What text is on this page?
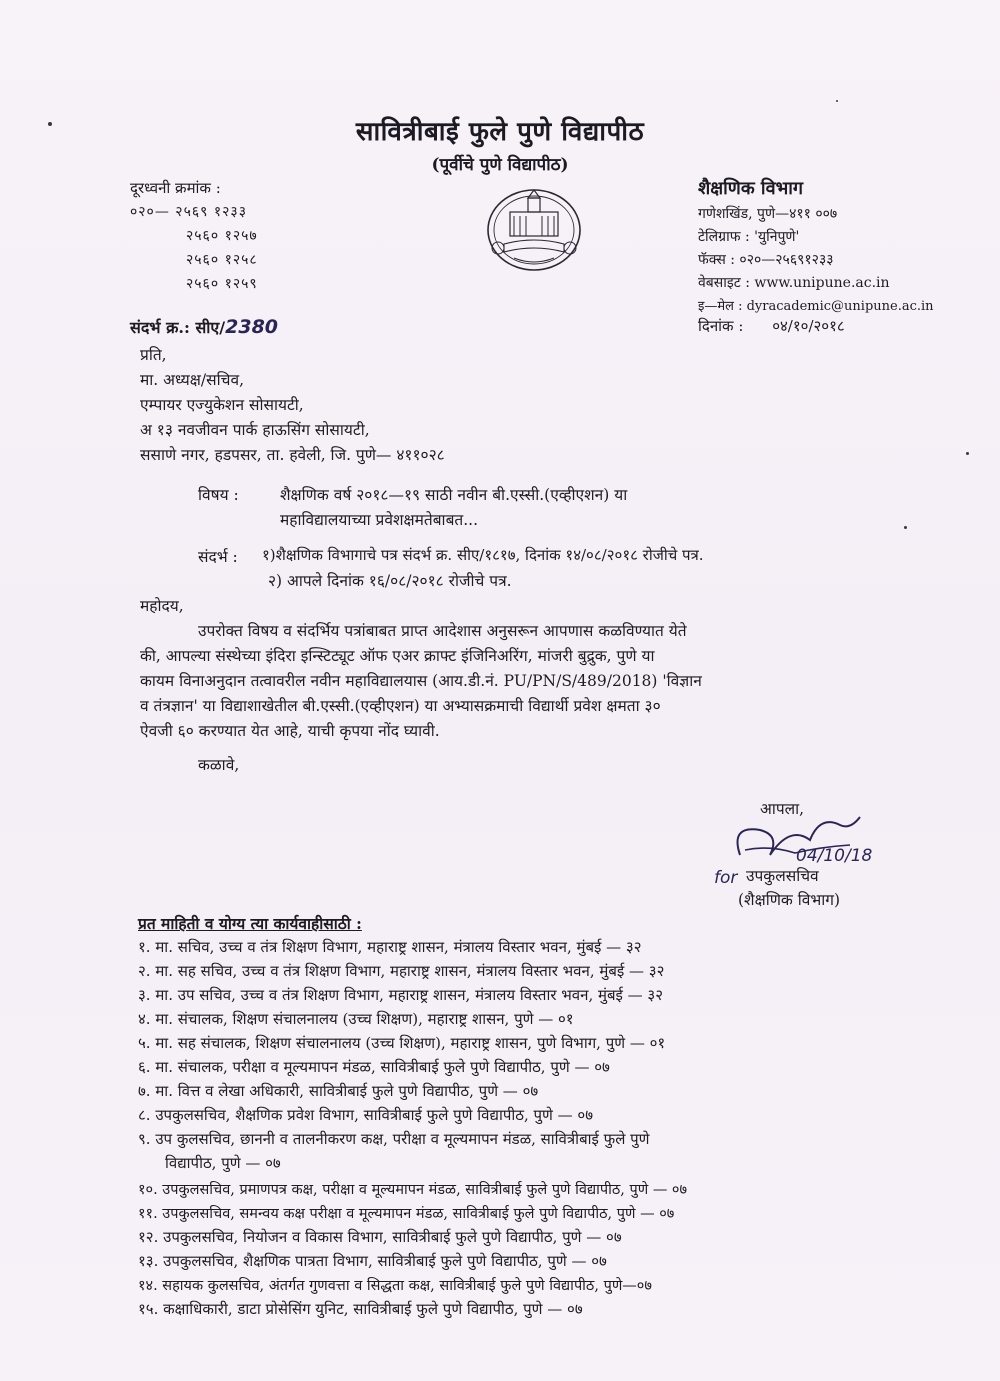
सावित्रीबाई फुले पुणे विद्यापीठ
(पूर्वीचे पुणे विद्यापीठ)
दूरध्वनी क्रमांक :
०२०— २५६९ १२३३
२५६० १२५७
२५६० १२५८
२५६० १२५९
शैक्षणिक विभाग
गणेशखिंड, पुणे—४११ ००७
टेलिग्राफ : 'युनिपुणे'
फॅक्स : ०२०—२५६९१२३३
वेबसाइट : www.unipune.ac.in
इ—मेल : dyracademic@unipune.ac.in
संदर्भ क्र.: सीए/2380	दिनांक : ०४/१०/२०१८
प्रति,
मा. अध्यक्ष/सचिव,
एम्पायर एज्युकेशन सोसायटी,
अ १३ नवजीवन पार्क हाऊसिंग सोसायटी,
ससाणे नगर, हडपसर, ता. हवेली, जि. पुणे— ४११०२८
विषय :	शैक्षणिक वर्ष २०१८—१९ साठी नवीन बी.एस्सी.(एव्हीएशन) या
महाविद्यालयाच्या प्रवेशक्षमतेबाबत...
संदर्भ : १)शैक्षणिक विभागाचे पत्र संदर्भ क्र. सीए/१८१७, दिनांक १४/०८/२०१८ रोजीचे पत्र.
२) आपले दिनांक १६/०८/२०१८ रोजीचे पत्र.
महोदय,
उपरोक्त विषय व संदर्भिय पत्रांबाबत प्राप्त आदेशास अनुसरून आपणास कळविण्यात येते
की, आपल्या संस्थेच्या इंदिरा इन्स्टिट्यूट ऑफ एअर क्राफ्ट इंजिनिअरिंग, मांजरी बुद्रुक, पुणे या
कायम विनाअनुदान तत्वावरील नवीन महाविद्यालयास (आय.डी.नं. PU/PN/S/489/2018) 'विज्ञान
व तंत्रज्ञान' या विद्याशाखेतील बी.एस्सी.(एव्हीएशन) या अभ्यासक्रमाची विद्यार्थी प्रवेश क्षमता ३०
ऐवजी ६० करण्यात येत आहे, याची कृपया नोंद घ्यावी.
कळावे,
आपला,
04/10/18
for उपकुलसचिव
(शैक्षणिक विभाग)
प्रत माहिती व योग्य त्या कार्यवाहीसाठी :
१. मा. सचिव, उच्च व तंत्र शिक्षण विभाग, महाराष्ट्र शासन, मंत्रालय विस्तार भवन, मुंबई — ३२
२. मा. सह सचिव, उच्च व तंत्र शिक्षण विभाग, महाराष्ट्र शासन, मंत्रालय विस्तार भवन, मुंबई — ३२
३. मा. उप सचिव, उच्च व तंत्र शिक्षण विभाग, महाराष्ट्र शासन, मंत्रालय विस्तार भवन, मुंबई — ३२
४. मा. संचालक, शिक्षण संचालनालय (उच्च शिक्षण), महाराष्ट्र शासन, पुणे — ०१
५. मा. सह संचालक, शिक्षण संचालनालय (उच्च शिक्षण), महाराष्ट्र शासन, पुणे विभाग, पुणे — ०१
६. मा. संचालक, परीक्षा व मूल्यमापन मंडळ, सावित्रीबाई फुले पुणे विद्यापीठ, पुणे — ०७
७. मा. वित्त व लेखा अधिकारी, सावित्रीबाई फुले पुणे विद्यापीठ, पुणे — ०७
८. उपकुलसचिव, शैक्षणिक प्रवेश विभाग, सावित्रीबाई फुले पुणे विद्यापीठ, पुणे — ०७
९. उप कुलसचिव, छाननी व तालनीकरण कक्ष, परीक्षा व मूल्यमापन मंडळ, सावित्रीबाई फुले पुणे
विद्यापीठ, पुणे — ०७
१०. उपकुलसचिव, प्रमाणपत्र कक्ष, परीक्षा व मूल्यमापन मंडळ, सावित्रीबाई फुले पुणे विद्यापीठ, पुणे — ०७
११. उपकुलसचिव, समन्वय कक्ष परीक्षा व मूल्यमापन मंडळ, सावित्रीबाई फुले पुणे विद्यापीठ, पुणे — ०७
१२. उपकुलसचिव, नियोजन व विकास विभाग, सावित्रीबाई फुले पुणे विद्यापीठ, पुणे — ०७
१३. उपकुलसचिव, शैक्षणिक पात्रता विभाग, सावित्रीबाई फुले पुणे विद्यापीठ, पुणे — ०७
१४. सहायक कुलसचिव, अंतर्गत गुणवत्ता व सिद्धता कक्ष, सावित्रीबाई फुले पुणे विद्यापीठ, पुणे—०७
१५. कक्षाधिकारी, डाटा प्रोसेसिंग युनिट, सावित्रीबाई फुले पुणे विद्यापीठ, पुणे — ०७
